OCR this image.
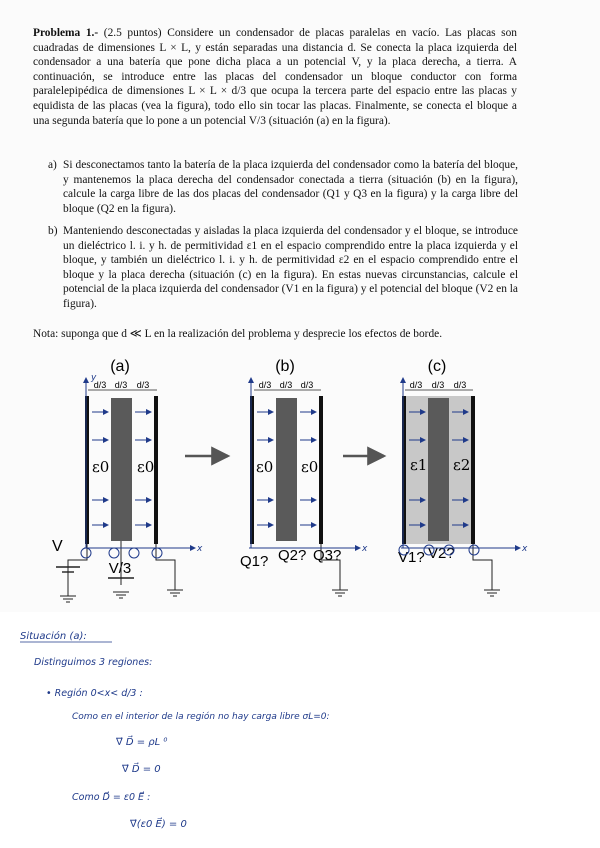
Problema 1.- (2.5 puntos) Considere un condensador de placas paralelas en vacío. Las placas son cuadradas de dimensiones L × L, y están separadas una distancia d. Se conecta la placa izquierda del condensador a una batería que pone dicha placa a un potencial V, y la placa derecha, a tierra. A continuación, se introduce entre las placas del condensador un bloque conductor con forma paralelepipédica de dimensiones L × L × d/3 que ocupa la tercera parte del espacio entre las placas y equidista de las placas (vea la figura), todo ello sin tocar las placas. Finalmente, se conecta el bloque a una segunda batería que lo pone a un potencial V/3 (situación (a) en la figura).

a) Si desconectamos tanto la batería de la placa izquierda del condensador como la batería del bloque, y mantenemos la placa derecha del condensador conectada a tierra (situación (b) en la figura), calcule la carga libre de las dos placas del condensador (Q1 y Q3 en la figura) y la carga libre del bloque (Q2 en la figura).

b) Manteniendo desconectadas y aisladas la placa izquierda del condensador y el bloque, se introduce un dieléctrico l. i. y h. de permitividad ε1 en el espacio comprendido entre la placa izquierda y el bloque, y también un dieléctrico l. i. y h. de permitividad ε2 en el espacio comprendido entre el bloque y la placa derecha (situación (c) en la figura). En estas nuevas circunstancias, calcule el potencial de la placa izquierda del condensador (V1 en la figura) y el potencial del bloque (V2 en la figura).

Nota: suponga que d ≪ L en la realización del problema y desprecie los efectos de borde.

(a)
d/3 d/3 d/3
ε0 ε0
V
V/3
x
y
(b)
d/3 d/3 d/3
ε0 ε0
Q1? Q2? Q3? x
(c)
d/3 d/3 d/3
ε1 ε2
V1? V2?	x
Situación (a):
Distinguimos 3 regiones:
• Región 0<x< d/3 :
Como en el interior de la región no hay carga libre σL=0:
∇⃗ D⃗ = ρL ⁰
∇⃗ D⃗ = 0
Como D⃗ = ε0 E⃗ :
∇⃗(ε0 E⃗) = 0
